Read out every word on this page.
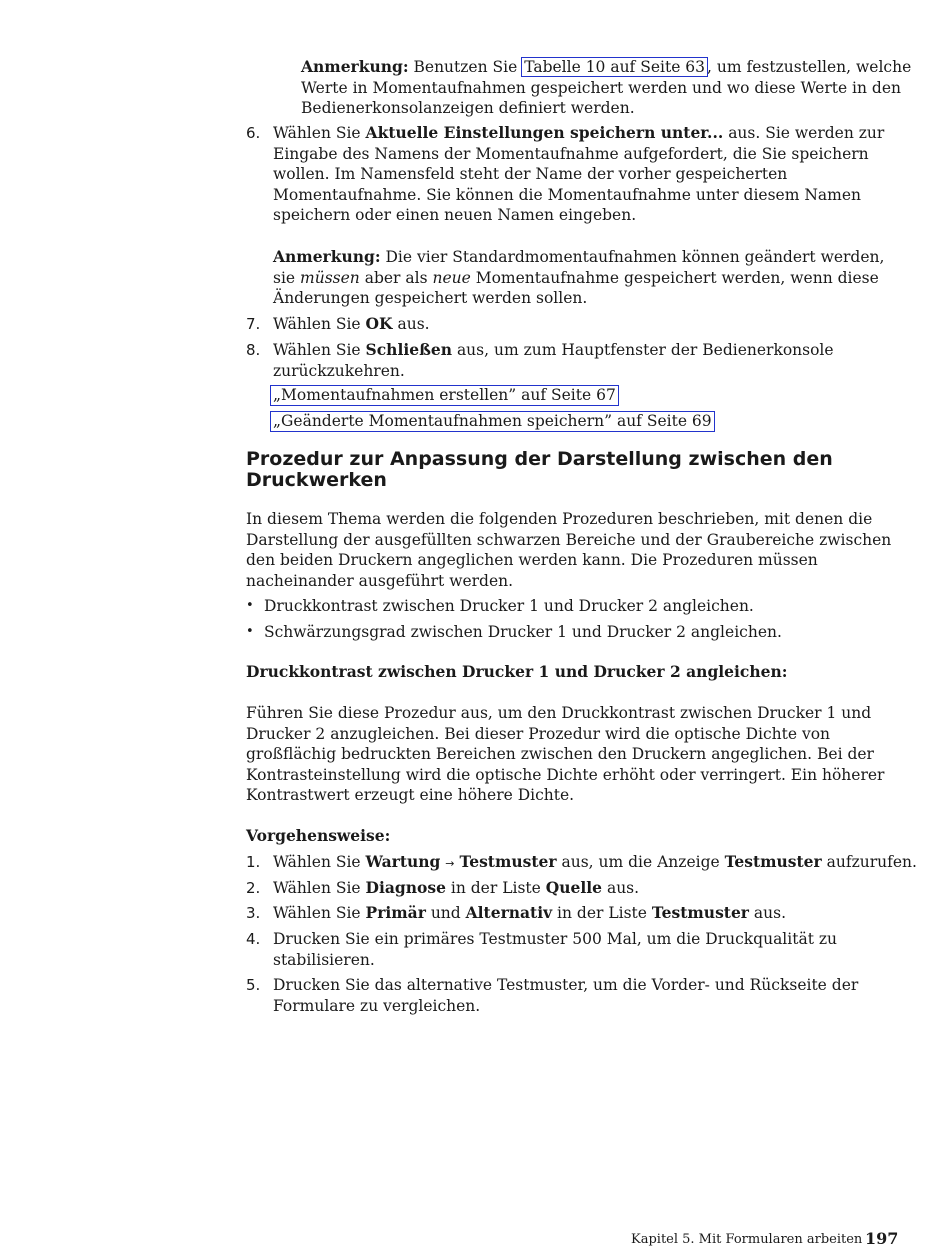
Anmerkung: Benutzen Sie Tabelle 10 auf Seite 63 , um festzustellen, welche
Werte in Momentaufnahmen gespeichert werden und wo diese Werte in den
Bedienerkonsolanzeigen definiert werden.
6. Wählen Sie Aktuelle Einstellungen speichern unter... aus. Sie werden zur
Eingabe des Namens der Momentaufnahme aufgefordert, die Sie speichern
wollen. Im Namensfeld steht der Name der vorher gespeicherten
Momentaufnahme. Sie können die Momentaufnahme unter diesem Namen
speichern oder einen neuen Namen eingeben.
Anmerkung: Die vier Standardmomentaufnahmen können geändert werden,
sie müssen aber als neue Momentaufnahme gespeichert werden, wenn diese
Änderungen gespeichert werden sollen.
7. Wählen Sie OK aus.
8. Wählen Sie Schließen aus, um zum Hauptfenster der Bedienerkonsole
zurückzukehren.
„Momentaufnahmen erstellen” auf Seite 67
„Geänderte Momentaufnahmen speichern” auf Seite 69
Prozedur zur Anpassung der Darstellung zwischen den
Druckwerken
In diesem Thema werden die folgenden Prozeduren beschrieben, mit denen die
Darstellung der ausgefüllten schwarzen Bereiche und der Graubereiche zwischen
den beiden Druckern angeglichen werden kann. Die Prozeduren müssen
nacheinander ausgeführt werden.
• Druckkontrast zwischen Drucker 1 und Drucker 2 angleichen.
• Schwärzungsgrad zwischen Drucker 1 und Drucker 2 angleichen.
Druckkontrast zwischen Drucker 1 und Drucker 2 angleichen:
Führen Sie diese Prozedur aus, um den Druckkontrast zwischen Drucker 1 und
Drucker 2 anzugleichen. Bei dieser Prozedur wird die optische Dichte von
großflächig bedruckten Bereichen zwischen den Druckern angeglichen. Bei der
Kontrasteinstellung wird die optische Dichte erhöht oder verringert. Ein höherer
Kontrastwert erzeugt eine höhere Dichte.
Vorgehensweise:
1. Wählen Sie Wartung → Testmuster aus, um die Anzeige Testmuster aufzurufen.
2. Wählen Sie Diagnose in der Liste Quelle aus.
3. Wählen Sie Primär und Alternativ in der Liste Testmuster aus.
4. Drucken Sie ein primäres Testmuster 500 Mal, um die Druckqualität zu
stabilisieren.
5. Drucken Sie das alternative Testmuster, um die Vorder- und Rückseite der
Formulare zu vergleichen.
Kapitel 5. Mit Formularen arbeiten 197
